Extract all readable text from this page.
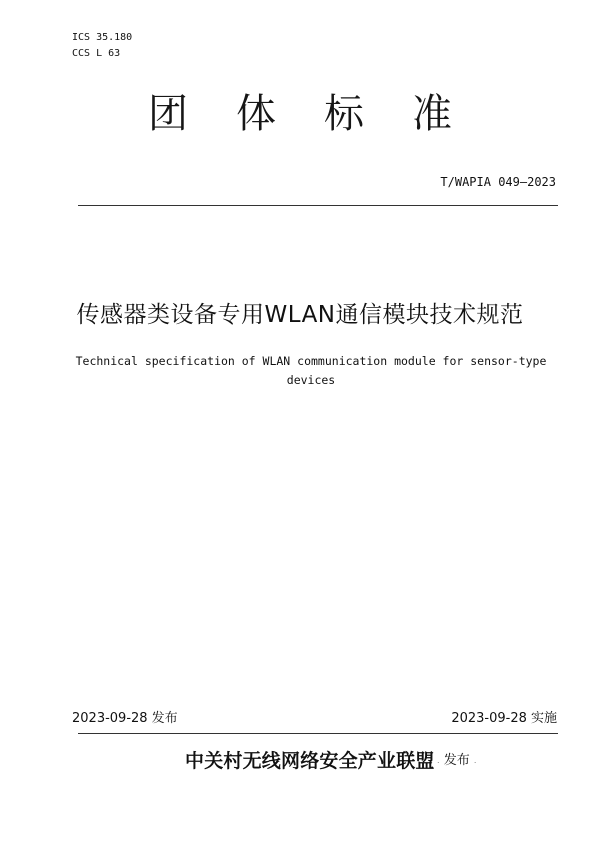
ICS 35.180
CCS L 63
团 体 标 准
T/WAPIA 049—2023
传感器类设备专用WLAN通信模块技术规范
Technical specification of WLAN communication module for sensor-type
devices
2023-09-28 发布	2023-09-28 实施
中关村无线网络安全产业联盟 . 发布 .
